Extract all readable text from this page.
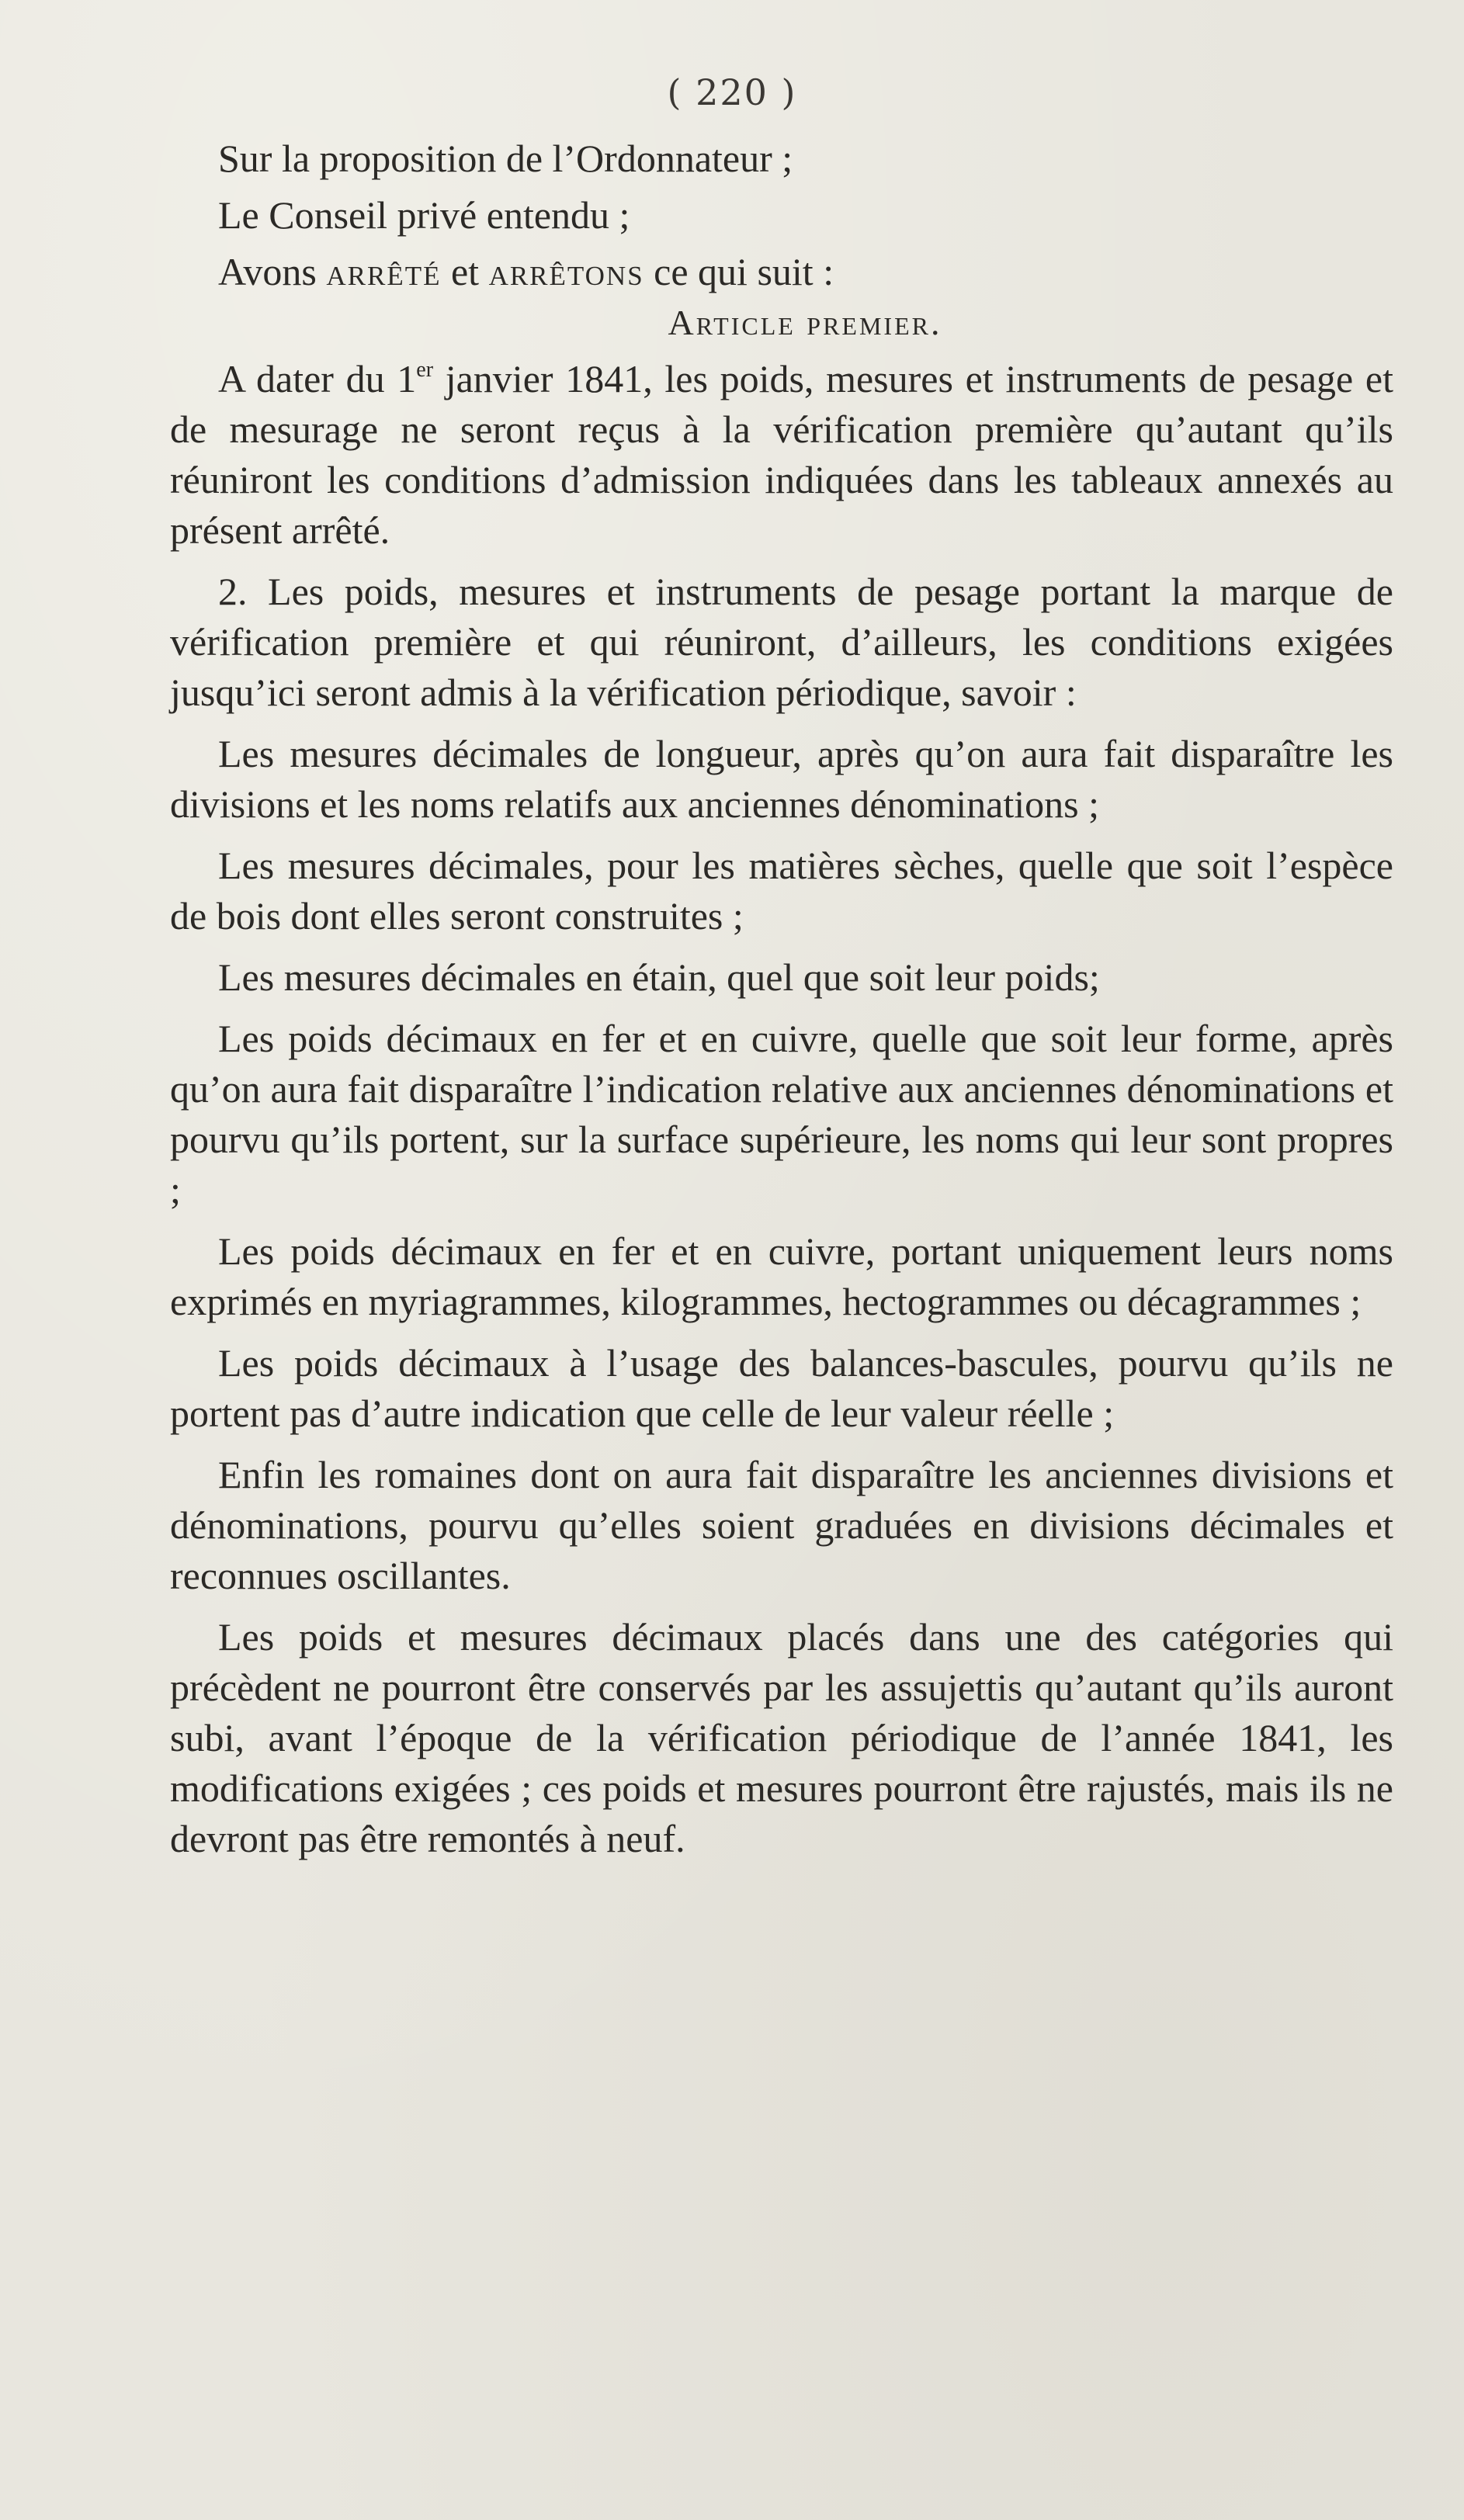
( 220 )

Sur la proposition de l’Ordonnateur ;

Le Conseil privé entendu ;

Avons arrêté et arrêtons ce qui suit :

Article premier.

A dater du 1er janvier 1841, les poids, mesures et instruments de pesage et de mesurage ne seront reçus à la vérification première qu’autant qu’ils réuniront les conditions d’admission indiquées dans les tableaux annexés au présent arrêté.

2. Les poids, mesures et instruments de pesage portant la marque de vérification première et qui réuniront, d’ailleurs, les conditions exigées jusqu’ici seront admis à la vérification périodique, savoir :

Les mesures décimales de longueur, après qu’on aura fait disparaître les divisions et les noms relatifs aux anciennes dénominations ;

Les mesures décimales, pour les matières sèches, quelle que soit l’espèce de bois dont elles seront construites ;

Les mesures décimales en étain, quel que soit leur poids;

Les poids décimaux en fer et en cuivre, quelle que soit leur forme, après qu’on aura fait disparaître l’indication relative aux anciennes dénominations et pourvu qu’ils portent, sur la surface supérieure, les noms qui leur sont propres ;

Les poids décimaux en fer et en cuivre, portant uniquement leurs noms exprimés en myriagrammes, kilogrammes, hectogrammes ou décagrammes ;

Les poids décimaux à l’usage des balances-bascules, pourvu qu’ils ne portent pas d’autre indication que celle de leur valeur réelle ;

Enfin les romaines dont on aura fait disparaître les anciennes divisions et dénominations, pourvu qu’elles soient graduées en divisions décimales et reconnues oscillantes.

Les poids et mesures décimaux placés dans une des catégories qui précèdent ne pourront être conservés par les assujettis qu’autant qu’ils auront subi, avant l’époque de la vérification périodique de l’année 1841, les modifications exigées ; ces poids et mesures pourront être rajustés, mais ils ne devront pas être remontés à neuf.
